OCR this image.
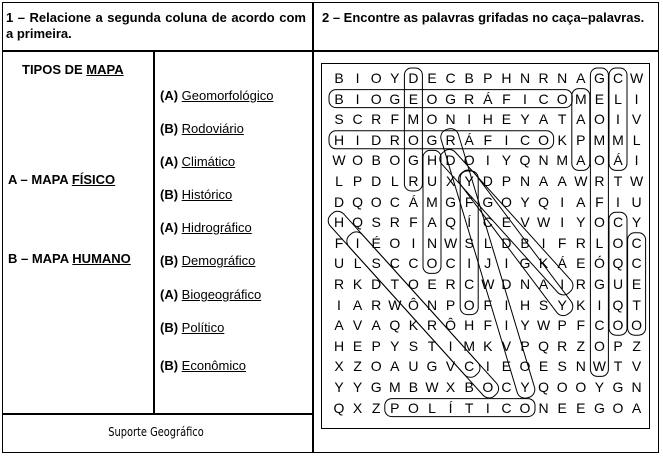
1 – Relacione a segunda coluna de acordo com a primeira.
2 – Encontre as palavras grifadas no caça–palavras.
TIPOS DE MAPA
A – MAPA FÍSICO
B – MAPA HUMANO
(A) Geomorfológico
(B) Rodoviário
(A) Climático
(B) Histórico
(A) Hidrográfico
(B) Demográfico
(A) Biogeográfico
(B) Político
(B) Econômico
Suporte Geográfico
B I O Y D E C B P H N R N A G C W
B I O G E O G R Á F I C O M E L I
S C R F M O N I H E Y A T A O I V
H I D R O G R Á F I C O K P M M L
W O B O G H D O I Y Q N M A O Á I
L P D L R U X Y D P N A A W R T W
D Q O C Á M G F G O Y Q I A F I U
H Q S R F A Q Í C E V W I Y O C Y
F I É O I N W S L D B I F R L O C
U L S C C O C I J I G K Á E Ó Q C
R K D T O E R C W D N A I R G U E
I A R W Ô N P O F I H S Y K I Q T
A V A Q K R Ô H F I Y W P F C O O
H E P Y S T I M K V P Q R Z O P Z
X Z O A U G V C I E O E S N W T V
Y Y G M B W X B O C Y Q O O Y G N
Q X Z P O L Í T I C O N E E G O A
